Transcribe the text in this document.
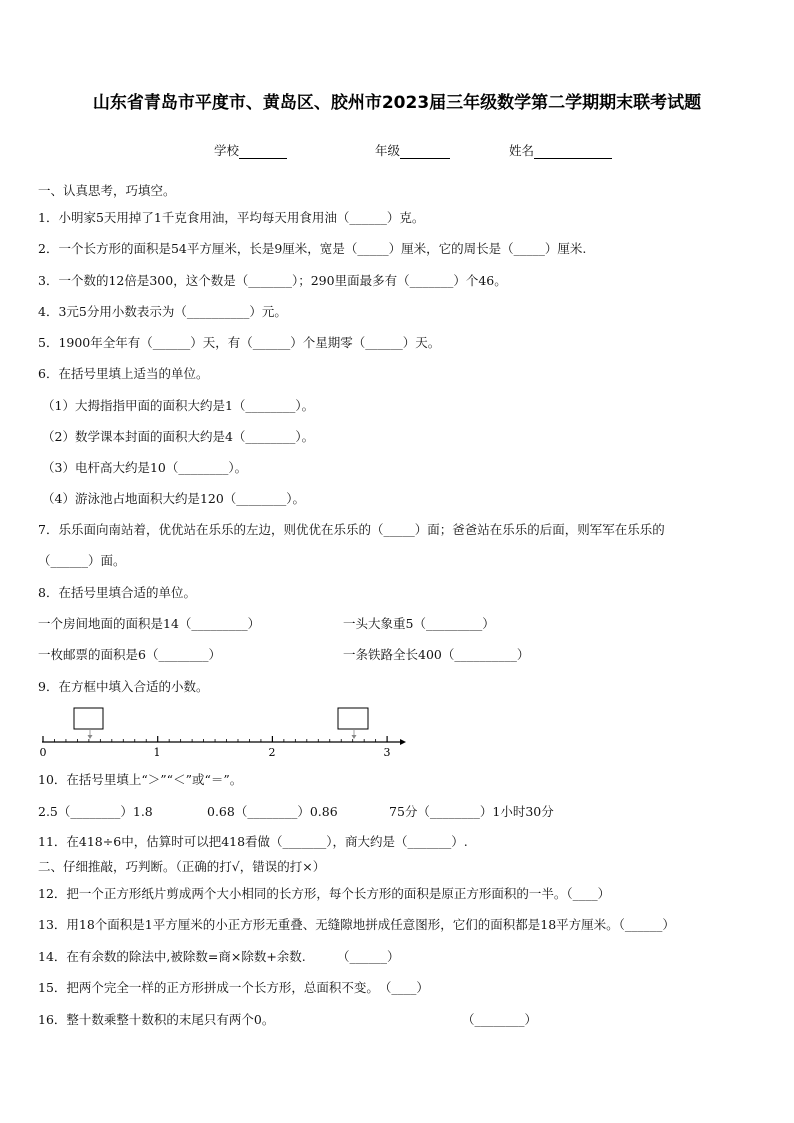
山东省青岛市平度市、黄岛区、胶州市2023届三年级数学第二学期期末联考试题
学校	年级	姓名
一、认真思考，巧填空。
1．小明家5天用掉了1千克食用油，平均每天用食用油（______）克。
2．一个长方形的面积是54平方厘米，长是9厘米，宽是（_____）厘米，它的周长是（_____）厘米.
3．一个数的12倍是300，这个数是（_______）；290里面最多有（_______）个46。
4．3元5分用小数表示为（__________）元。
5．1900年全年有（______）天，有（______）个星期零（______）天。
6．在括号里填上适当的单位。
（1）大拇指指甲面的面积大约是1（________）。
（2）数学课本封面的面积大约是4（________）。
（3）电杆高大约是10（________）。
（4）游泳池占地面积大约是120（________）。
7．乐乐面向南站着，优优站在乐乐的左边，则优优在乐乐的（_____）面；爸爸站在乐乐的后面，则军军在乐乐的
（______）面。
8．在括号里填合适的单位。
一个房间地面的面积是14（_________）	一头大象重5（_________）
一枚邮票的面积是6（________）	一条铁路全长400（__________）
9．在方框中填入合适的小数。
0	1	2	3
10．在括号里填上“＞”“＜”或“＝”。
2.5（________）1.8	0.68（________）0.86	75分（________）1小时30分
11．在418÷6中，估算时可以把418看做（_______），商大约是（_______）.
二、仔细推敲，巧判断。（正确的打√，错误的打×）
12．把一个正方形纸片剪成两个大小相同的长方形，每个长方形的面积是原正方形面积的一半。（____）
13．用18个面积是1平方厘米的小正方形无重叠、无缝隙地拼成任意图形，它们的面积都是18平方厘米。（______）
14．在有余数的除法中,被除数=商×除数+余数.　　　（______）
15．把两个完全一样的正方形拼成一个长方形，总面积不变。　（____）
16．整十数乘整十数积的末尾只有两个0。	（________）
